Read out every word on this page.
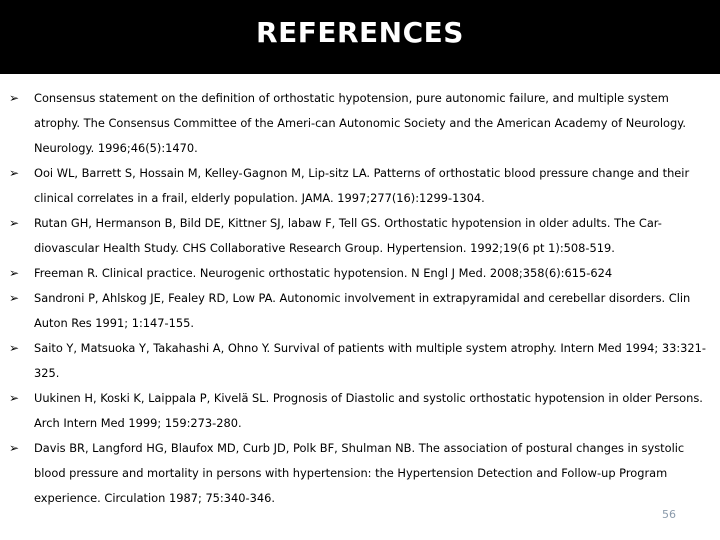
REFERENCES
➢ Consensus statement on the definition of orthostatic hypotension, pure autonomic failure, and multiple system atrophy. The Consensus Committee of the Ameri-can Autonomic Society and the American Academy of Neurology. Neurology. 1996;46(5):1470.
➢ Ooi WL, Barrett S, Hossain M, Kelley-Gagnon M, Lip-sitz LA. Patterns of orthostatic blood pressure change and their clinical correlates in a frail, elderly population. JAMA. 1997;277(16):1299-1304.
➢ Rutan GH, Hermanson B, Bild DE, Kittner SJ, labaw F, Tell GS. Orthostatic hypotension in older adults. The Car-diovascular Health Study. CHS Collaborative Research Group. Hypertension. 1992;19(6 pt 1):508-519.
➢ Freeman R. Clinical practice. Neurogenic orthostatic hypotension. N Engl J Med. 2008;358(6):615-624
➢ Sandroni P, Ahlskog JE, Fealey RD, Low PA. Autonomic involvement in extrapyramidal and cerebellar disorders. Clin Auton Res 1991; 1:147-155.
➢ Saito Y, Matsuoka Y, Takahashi A, Ohno Y. Survival of patients with multiple system atrophy. Intern Med 1994; 33:321-325.
➢ Uukinen H, Koski K, Laippala P, Kivelä SL. Prognosis of Diastolic and systolic orthostatic hypotension in older Persons. Arch Intern Med 1999; 159:273-280.
➢ Davis BR, Langford HG, Blaufox MD, Curb JD, Polk BF, Shulman NB. The association of postural changes in systolic blood pressure and mortality in persons with hypertension: the Hypertension Detection and Follow-up Program experience. Circulation 1987; 75:340-346.
56
